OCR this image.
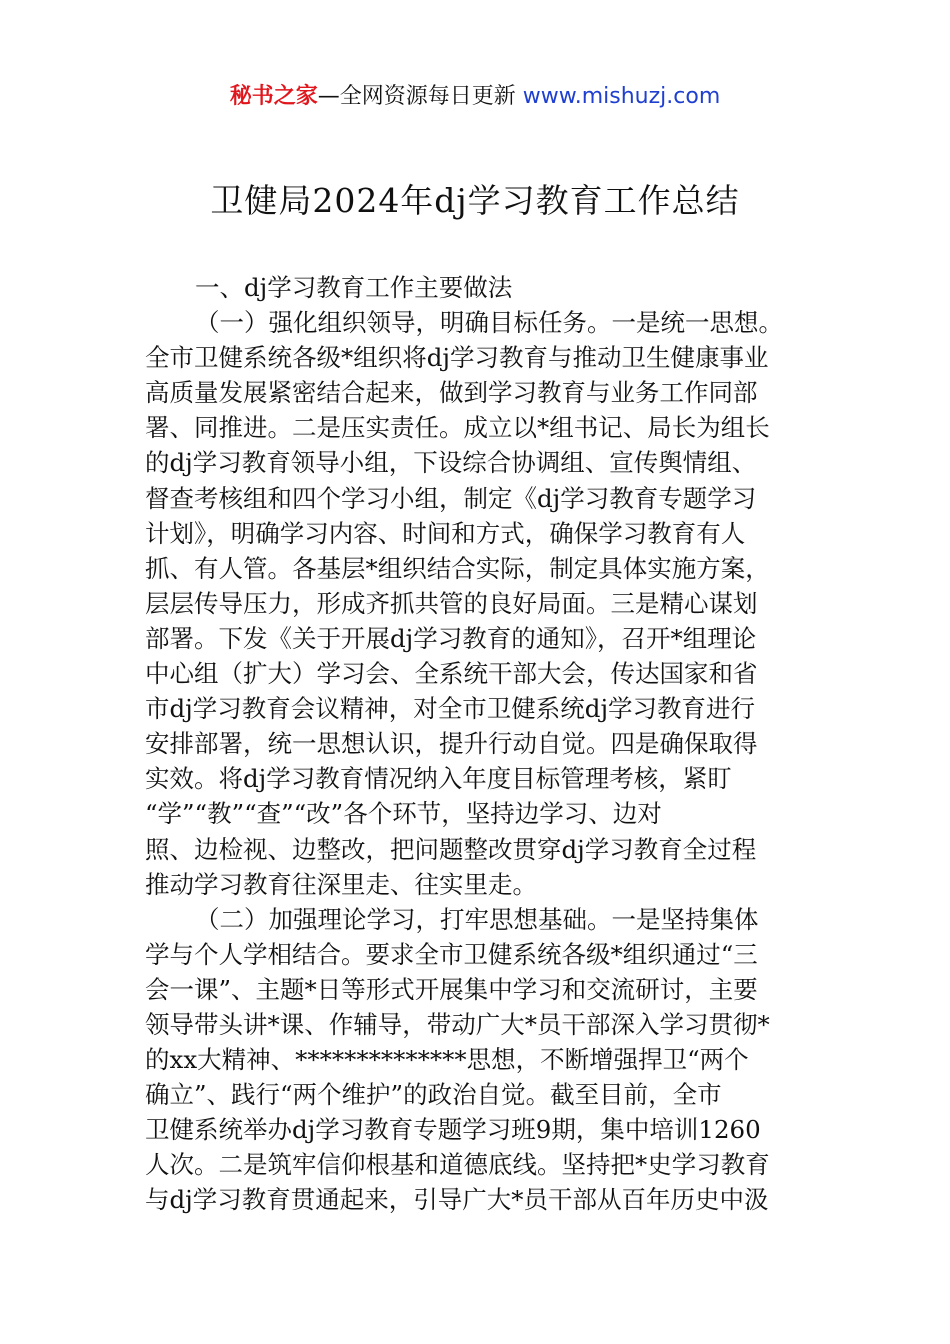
秘书之家—全网资源每日更新 www.mishuzj.com
卫健局2024年dj学习教育工作总结
一、dj学习教育工作主要做法
（一）强化组织领导，明确目标任务。一是统一思想。
全市卫健系统各级*组织将dj学习教育与推动卫生健康事业
高质量发展紧密结合起来，做到学习教育与业务工作同部
署、同推进。二是压实责任。成立以*组书记、局长为组长
的dj学习教育领导小组，下设综合协调组、宣传舆情组、
督查考核组和四个学习小组，制定《dj学习教育专题学习
计划》，明确学习内容、时间和方式，确保学习教育有人
抓、有人管。各基层*组织结合实际，制定具体实施方案，
层层传导压力，形成齐抓共管的良好局面。三是精心谋划
部署。下发《关于开展dj学习教育的通知》，召开*组理论
中心组（扩大）学习会、全系统干部大会，传达国家和省
市dj学习教育会议精神，对全市卫健系统dj学习教育进行
安排部署，统一思想认识，提升行动自觉。四是确保取得
实效。将dj学习教育情况纳入年度目标管理考核，紧盯
“学”“教”“查”“改”各个环节，坚持边学习、边对
照、边检视、边整改，把问题整改贯穿dj学习教育全过程
推动学习教育往深里走、往实里走。
（二）加强理论学习，打牢思想基础。一是坚持集体
学与个人学相结合。要求全市卫健系统各级*组织通过“三
会一课”、主题*日等形式开展集中学习和交流研讨，主要
领导带头讲*课、作辅导，带动广大*员干部深入学习贯彻*
的xx大精神、**************思想，不断增强捍卫“两个
确立”、践行“两个维护”的政治自觉。截至目前，全市
卫健系统举办dj学习教育专题学习班9期，集中培训1260
人次。二是筑牢信仰根基和道德底线。坚持把*史学习教育
与dj学习教育贯通起来，引导广大*员干部从百年历史中汲
